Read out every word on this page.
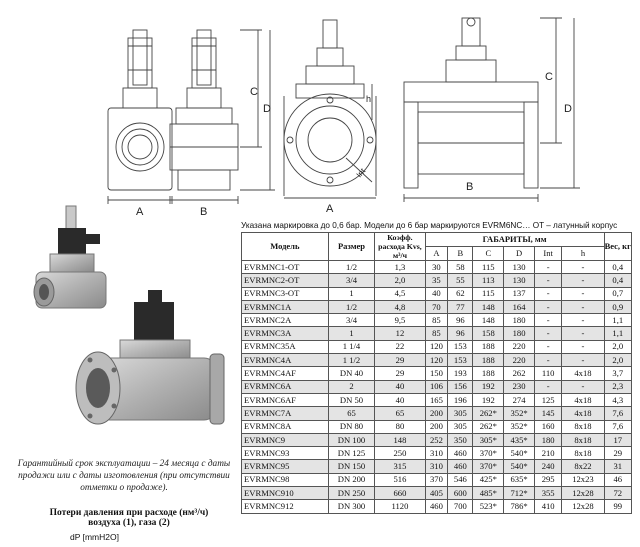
A	B
C
D
A
h
Int
B
C
D
Гарантийный срок эксплуатации – 24 месяца с даты продажи или с даты изготовления (при отсутствии отметки о продаже).
Потери давления при расходе (нм³/ч) воздуха (1), газа (2)
dP [mmH2O]
Указана маркировка до 0,6 бар. Модели до 6 бар маркируются EVRM6NC… OT – латунный корпус
Модель	Размер	Коэфф. расхода Kvs, м³/ч	ГАБАРИТЫ, мм						Вес, кг
			A	B	C	D	Int	h	
EVRMNC1-OT	1/2	1,3	30	58	115	130	-	-	0,4
EVRMNC2-OT	3/4	2,0	35	55	113	130	-	-	0,4
EVRMNC3-OT	1	4,5	40	62	115	137	-	-	0,7
EVRMNC1A	1/2	4,8	70	77	148	164	-	-	0,9
EVRMNC2A	3/4	9,5	85	96	148	180	-	-	1,1
EVRMNC3A	1	12	85	96	158	180	-	-	1,1
EVRMNC35A	1 1/4	22	120	153	188	220	-	-	2,0
EVRMNC4A	1 1/2	29	120	153	188	220	-	-	2,0
EVRMNC4AF	DN 40	29	150	193	188	262	110	4x18	3,7
EVRMNC6A	2	40	106	156	192	230	-	-	2,3
EVRMNC6AF	DN 50	40	165	196	192	274	125	4x18	4,3
EVRMNC7A	65	65	200	305	262*	352*	145	4x18	7,6
EVRMNC8A	DN 80	80	200	305	262*	352*	160	8x18	7,6
EVRMNC9	DN 100	148	252	350	305*	435*	180	8x18	17
EVRMNC93	DN 125	250	310	460	370*	540*	210	8x18	29
EVRMNC95	DN 150	315	310	460	370*	540*	240	8x22	31
EVRMNC98	DN 200	516	370	546	425*	635*	295	12x23	46
EVRMNC910	DN 250	660	405	600	485*	712*	355	12x28	72
EVRMNC912	DN 300	1120	460	700	523*	786*	410	12x28	99
